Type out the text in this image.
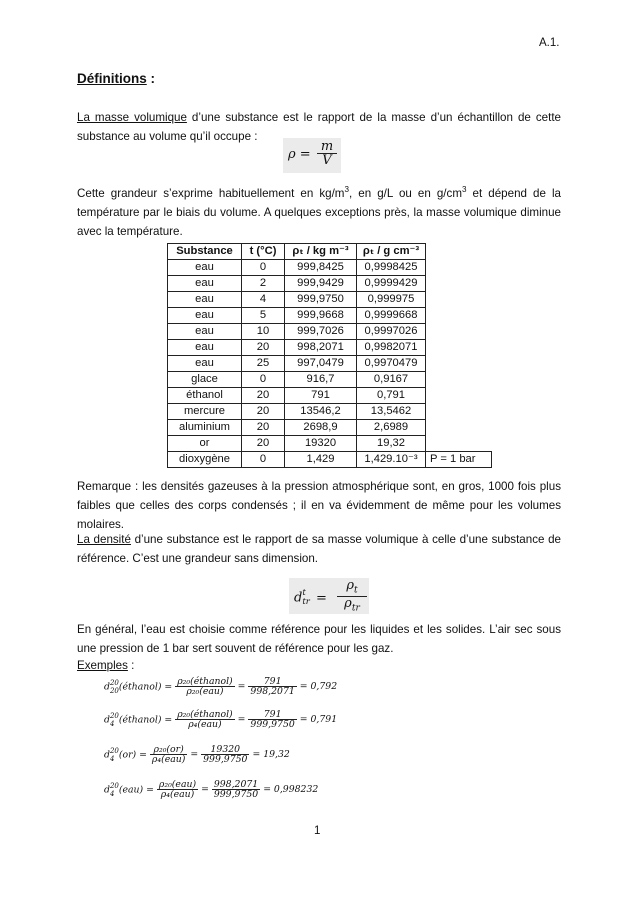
A.1.
Définitions :
La masse volumique d’une substance est le rapport de la masse d’un échantillon de cette
substance au volume qu’il occupe :
$\rho = \frac{m}{V}$
Cette grandeur s’exprime habituellement en $kg/m^3$, en g/L ou en $g/cm^3$ et dépend de la
température par le biais du volume. A quelques exceptions près, la masse volumique diminue
avec la température.
Substance	t (°C)	ρₜ / kg m⁻³	ρₜ / g cm⁻³	
eau	0	999,8425	0,9998425	
eau	2	999,9429	0,9999429	
eau	4	999,9750	0,999975	
eau	5	999,9668	0,9999668	
eau	10	999,7026	0,9997026	
eau	20	998,2071	0,9982071	
eau	25	997,0479	0,9970479	
glace	0	916,7	0,9167	
éthanol	20	791	0,791	
mercure	20	13546,2	13,5462	
aluminium	20	2698,9	2,6989	
or	20	19320	19,32	
dioxygène	0	1,429	1,429.10⁻³	P = 1 bar
Remarque : les densités gazeuses à la pression atmosphérique sont, en gros, 1000 fois plus
faibles que celles des corps condensés ; il en va évidemment de même pour les volumes
molaires.
La densité d’une substance est le rapport de sa masse volumique à celle d’une substance de
référence. C’est une grandeur sans dimension.
d t
tr =
$\rho_t$
$\rho_{tr}$
En général, l’eau est choisie comme référence pour les liquides et les solides. L’air sec sous
une pression de 1 bar sert souvent de référence pour les gaz.
Exemples :
d 20
20 (éthanol) = $\frac{\text{ρ₂₀(éthanol)}}{\text{ρ₂₀(eau)}} = \frac{791}{998,2071} = 0,792$
d 20
4 (éthanol) = $\frac{\text{ρ₂₀(éthanol)}}{\text{ρ₄(eau)}} = \frac{791}{999,9750} = 0,791$
d 20
4 $(or) = \frac{\text{ρ₂₀(or)}}{\text{ρ₄(eau)}} = \frac{19320}{999,9750} = 19,32$
d 20
4 $(eau) = \frac{\text{ρ₂₀(eau)}}{\text{ρ₄(eau)}} = \frac{998,2071}{999,9750} = 0,998232$
1
